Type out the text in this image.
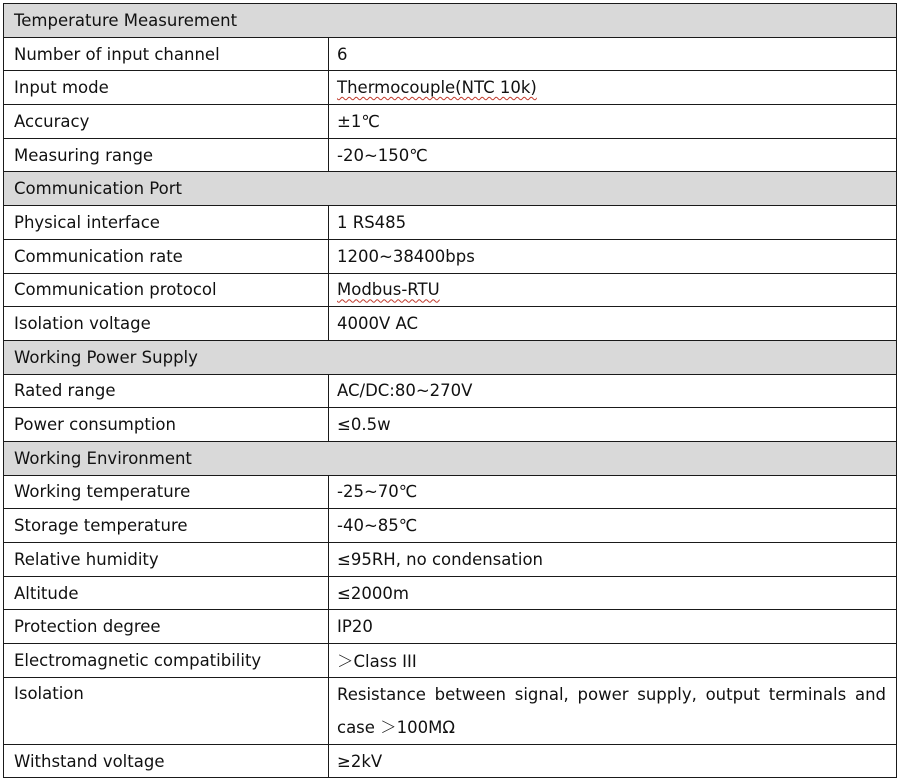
Temperature Measurement	
Number of input channel	6
Input mode	Thermocouple(NTC 10k)
Accuracy	±1℃
Measuring range	-20~150℃
Communication Port	
Physical interface	1 RS485
Communication rate	1200~38400bps
Communication protocol	Modbus-RTU
Isolation voltage	4000V AC
Working Power Supply	
Rated range	AC/DC:80~270V
Power consumption	≤0.5w
Working Environment	
Working temperature	-25~70℃
Storage temperature	-40~85℃
Relative humidity	≤95RH, no condensation
Altitude	≤2000m
Protection degree	IP20
Electromagnetic compatibility	＞Class III
Isolation	Resistance between signal, power supply, output terminals and case ＞100MΩ
Withstand voltage	≥2kV
